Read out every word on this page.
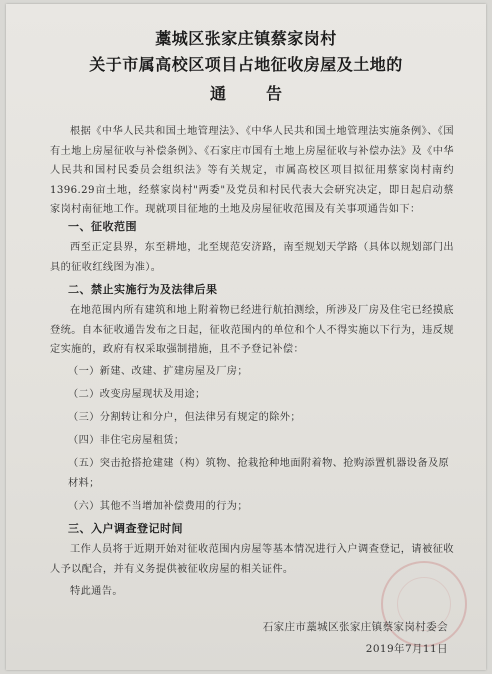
藁城区张家庄镇蔡家岗村
关于市属高校区项目占地征收房屋及土地的
通告
根据《中华人民共和国土地管理法》、《中华人民共和国土地管理法实施条例》、《国有土地上房屋征收与补偿条例》、《石家庄市国有土地上房屋征收与补偿办法》及《中华人民共和国村民委员会组织法》等有关规定，市属高校区项目拟征用蔡家岗村南约1396.29亩土地，经蔡家岗村"两委"及党员和村民代表大会研究决定，即日起启动蔡家岗村南征地工作。现就项目征地的土地及房屋征收范围及有关事项通告如下：
一、征收范围
西至正定县界，东至耕地，北至规范安济路，南至规划天学路（具体以规划部门出具的征收红线图为准）。
二、禁止实施行为及法律后果
在地范围内所有建筑和地上附着物已经进行航拍测绘，所涉及厂房及住宅已经摸底登统。自本征收通告发布之日起，征收范围内的单位和个人不得实施以下行为，违反规定实施的，政府有权采取强制措施，且不予登记补偿：
（一）新建、改建、扩建房屋及厂房；
（二）改变房屋现状及用途；
（三）分割转让和分户，但法律另有规定的除外；
（四）非住宅房屋租赁；
（五）突击抢搭抢建建（构）筑物、抢栽抢种地面附着物、抢购添置机器设备及原材料；
（六）其他不当增加补偿费用的行为；
三、入户调查登记时间
工作人员将于近期开始对征收范围内房屋等基本情况进行入户调查登记，请被征收人予以配合，并有义务提供被征收房屋的相关证件。
特此通告。
石家庄市藁城区张家庄镇蔡家岗村委会
2019年7月11日
